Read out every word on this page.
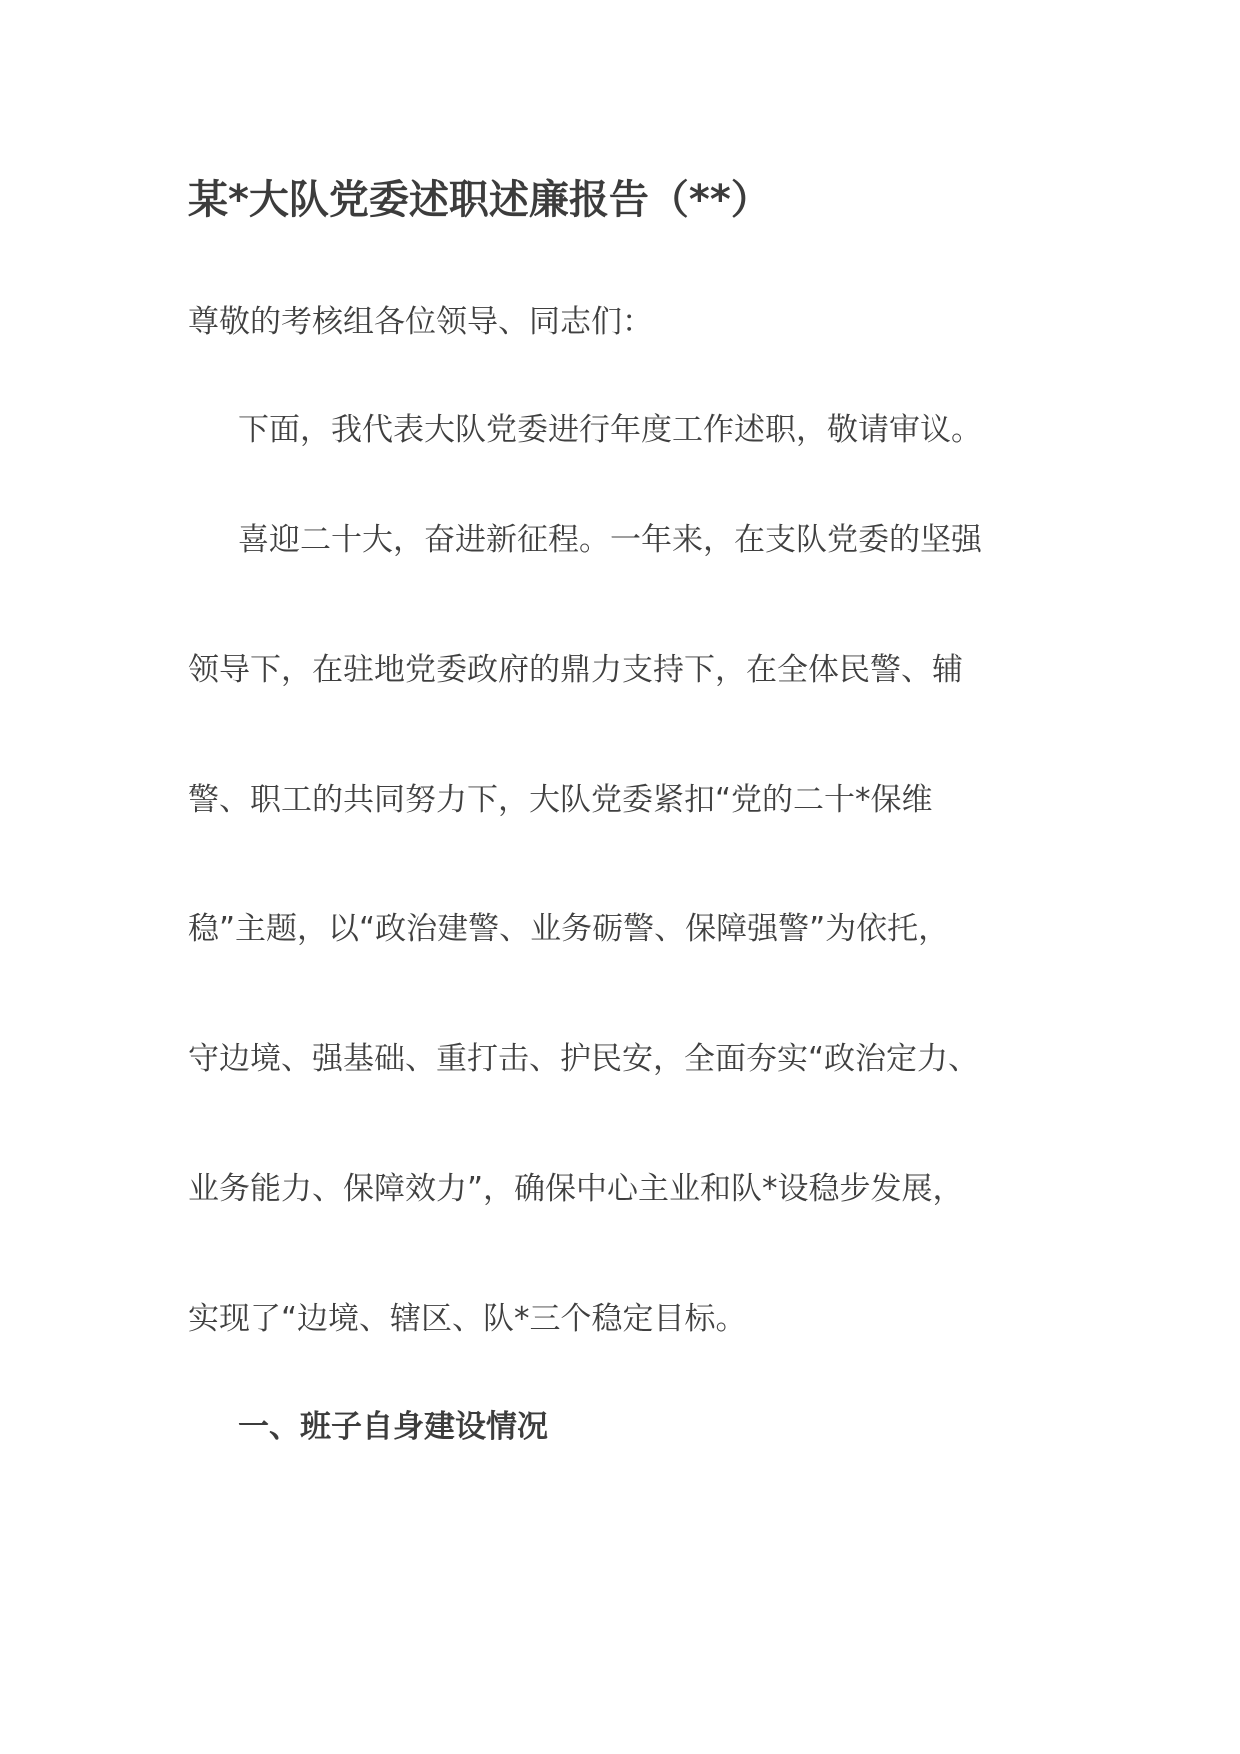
某*大队党委述职述廉报告（**）
尊敬的考核组各位领导、同志们：
下面，我代表大队党委进行年度工作述职，敬请审议。
喜迎二十大，奋进新征程。一年来，在支队党委的坚强
领导下，在驻地党委政府的鼎力支持下，在全体民警、辅
警、职工的共同努力下，大队党委紧扣“党的二十*保维
稳”主题，以“政治建警、业务砺警、保障强警”为依托，
守边境、强基础、重打击、护民安，全面夯实“政治定力、
业务能力、保障效力”，确保中心主业和队*设稳步发展，
实现了“边境、辖区、队*三个稳定目标。
一、班子自身建设情况
